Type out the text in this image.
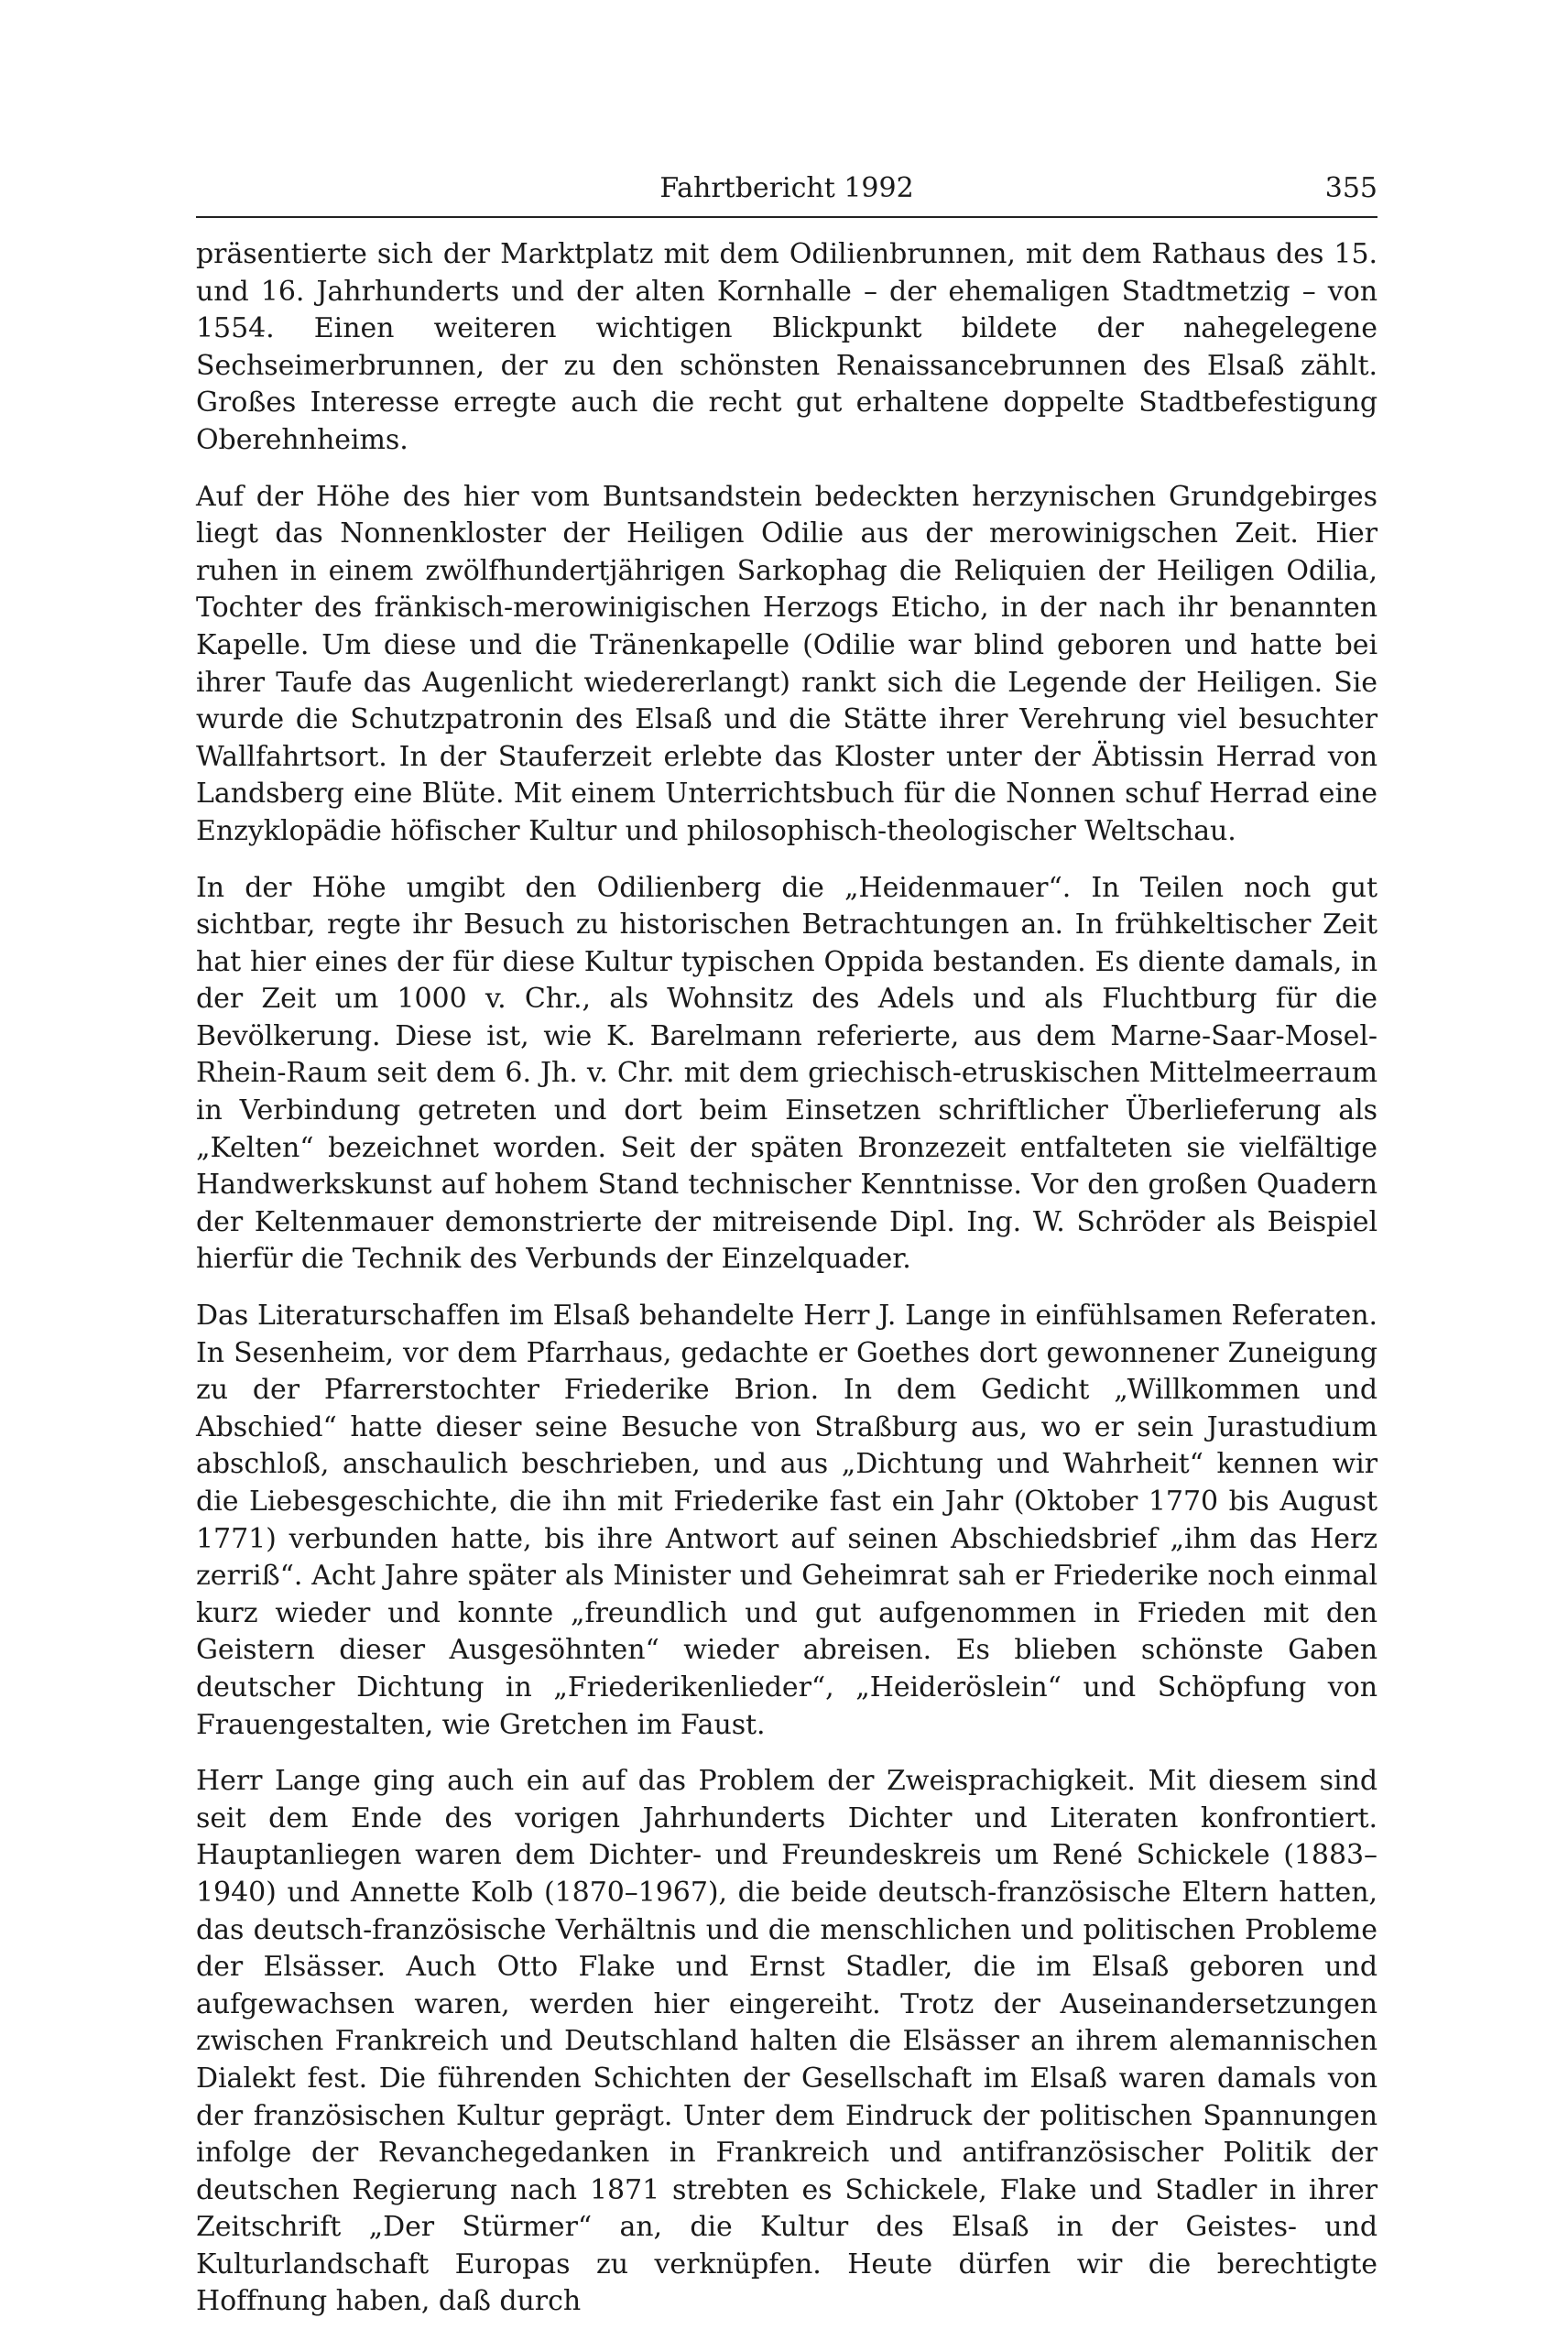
Fahrtbericht 1992	355

präsentierte sich der Marktplatz mit dem Odilienbrunnen, mit dem Rathaus des 15. und 16. Jahrhunderts und der alten Kornhalle – der ehemaligen Stadtmetzig – von 1554. Einen weiteren wichtigen Blickpunkt bildete der nahegelegene Sechseimerbrunnen, der zu den schönsten Renaissancebrunnen des Elsaß zählt. Großes Interesse erregte auch die recht gut erhaltene doppelte Stadtbefestigung Oberehnheims.

Auf der Höhe des hier vom Buntsandstein bedeckten herzynischen Grundgebirges liegt das Nonnenkloster der Heiligen Odilie aus der merowinigschen Zeit. Hier ruhen in einem zwölfhundertjährigen Sarkophag die Reliquien der Heiligen Odilia, Tochter des fränkisch-merowinigischen Herzogs Eticho, in der nach ihr benannten Kapelle. Um diese und die Tränenkapelle (Odilie war blind geboren und hatte bei ihrer Taufe das Augenlicht wiedererlangt) rankt sich die Legende der Heiligen. Sie wurde die Schutzpatronin des Elsaß und die Stätte ihrer Verehrung viel besuchter Wallfahrtsort. In der Stauferzeit erlebte das Kloster unter der Äbtissin Herrad von Landsberg eine Blüte. Mit einem Unterrichtsbuch für die Nonnen schuf Herrad eine Enzyklopädie höfischer Kultur und philosophisch-theologischer Weltschau.

In der Höhe umgibt den Odilienberg die „Heidenmauer“. In Teilen noch gut sichtbar, regte ihr Besuch zu historischen Betrachtungen an. In frühkeltischer Zeit hat hier eines der für diese Kultur typischen Oppida bestanden. Es diente damals, in der Zeit um 1000 v. Chr., als Wohnsitz des Adels und als Fluchtburg für die Bevölkerung. Diese ist, wie K. Barelmann referierte, aus dem Marne-Saar-Mosel-Rhein-Raum seit dem 6. Jh. v. Chr. mit dem griechisch-etruskischen Mittelmeerraum in Verbindung getreten und dort beim Einsetzen schriftlicher Überlieferung als „Kelten“ bezeichnet worden. Seit der späten Bronzezeit entfalteten sie vielfältige Handwerkskunst auf hohem Stand technischer Kenntnisse. Vor den großen Quadern der Keltenmauer demonstrierte der mitreisende Dipl. Ing. W. Schröder als Beispiel hierfür die Technik des Verbunds der Einzelquader.

Das Literaturschaffen im Elsaß behandelte Herr J. Lange in einfühlsamen Referaten. In Sesenheim, vor dem Pfarrhaus, gedachte er Goethes dort gewonnener Zuneigung zu der Pfarrerstochter Friederike Brion. In dem Gedicht „Willkommen und Abschied“ hatte dieser seine Besuche von Straßburg aus, wo er sein Jurastudium abschloß, anschaulich beschrieben, und aus „Dichtung und Wahrheit“ kennen wir die Liebesgeschichte, die ihn mit Friederike fast ein Jahr (Oktober 1770 bis August 1771) verbunden hatte, bis ihre Antwort auf seinen Abschiedsbrief „ihm das Herz zerriß“. Acht Jahre später als Minister und Geheimrat sah er Friederike noch einmal kurz wieder und konnte „freundlich und gut aufgenommen in Frieden mit den Geistern dieser Ausgesöhnten“ wieder abreisen. Es blieben schönste Gaben deutscher Dichtung in „Friederikenlieder“, „Heideröslein“ und Schöpfung von Frauengestalten, wie Gretchen im Faust.

Herr Lange ging auch ein auf das Problem der Zweisprachigkeit. Mit diesem sind seit dem Ende des vorigen Jahrhunderts Dichter und Literaten konfrontiert. Hauptanliegen waren dem Dichter- und Freundeskreis um René Schickele (1883–1940) und Annette Kolb (1870–1967), die beide deutsch-französische Eltern hatten, das deutsch-französische Verhältnis und die menschlichen und politischen Probleme der Elsässer. Auch Otto Flake und Ernst Stadler, die im Elsaß geboren und aufgewachsen waren, werden hier eingereiht. Trotz der Auseinandersetzungen zwischen Frankreich und Deutschland halten die Elsässer an ihrem alemannischen Dialekt fest. Die führenden Schichten der Gesellschaft im Elsaß waren damals von der französischen Kultur geprägt. Unter dem Eindruck der politischen Spannungen infolge der Revanchegedanken in Frankreich und antifranzösischer Politik der deutschen Regierung nach 1871 strebten es Schickele, Flake und Stadler in ihrer Zeitschrift „Der Stürmer“ an, die Kultur des Elsaß in der Geistes- und Kulturlandschaft Europas zu verknüpfen. Heute dürfen wir die berechtigte Hoffnung haben, daß durch
